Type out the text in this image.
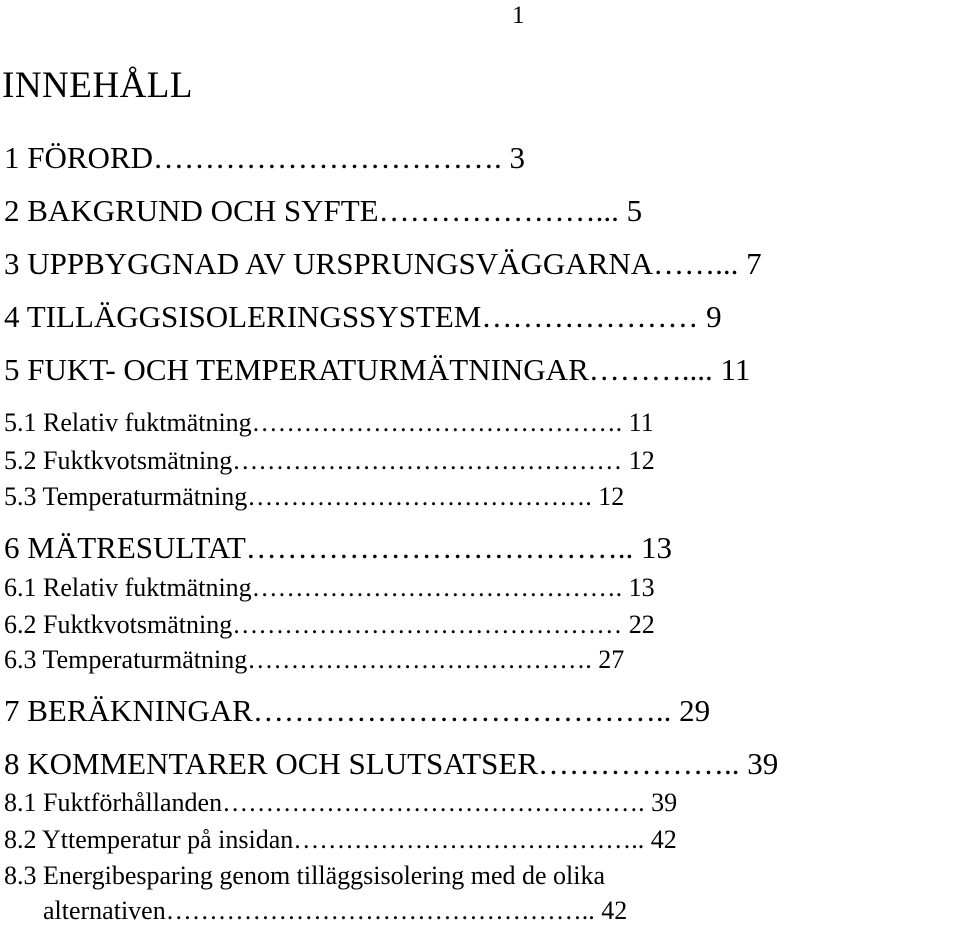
1
INNEHÅLL
1 FÖRORD……………………………. 3
2 BAKGRUND OCH SYFTE…………………... 5
3 UPPBYGGNAD AV URSPRUNGSVÄGGARNA……... 7
4 TILLÄGGSISOLERINGSSYSTEM………………… 9
5 FUKT- OCH TEMPERATURMÄTNINGAR……….... 11
5.1 Relativ fuktmätning……………………………………. 11
5.2 Fuktkvotsmätning……………………………………… 12
5.3 Temperaturmätning…………………………………. 12
6 MÄTRESULTAT……………………………….. 13
6.1 Relativ fuktmätning……………………………………. 13
6.2 Fuktkvotsmätning……………………………………… 22
6.3 Temperaturmätning…………………………………. 27
7 BERÄKNINGAR………………………………….. 29
8 KOMMENTARER OCH SLUTSATSER……………….. 39
8.1 Fuktförhållanden…………………………………………. 39
8.2 Yttemperatur på insidan………………………………….. 42
8.3 Energibesparing genom tilläggsisolering med de olika
alternativen………………………………………….. 42
